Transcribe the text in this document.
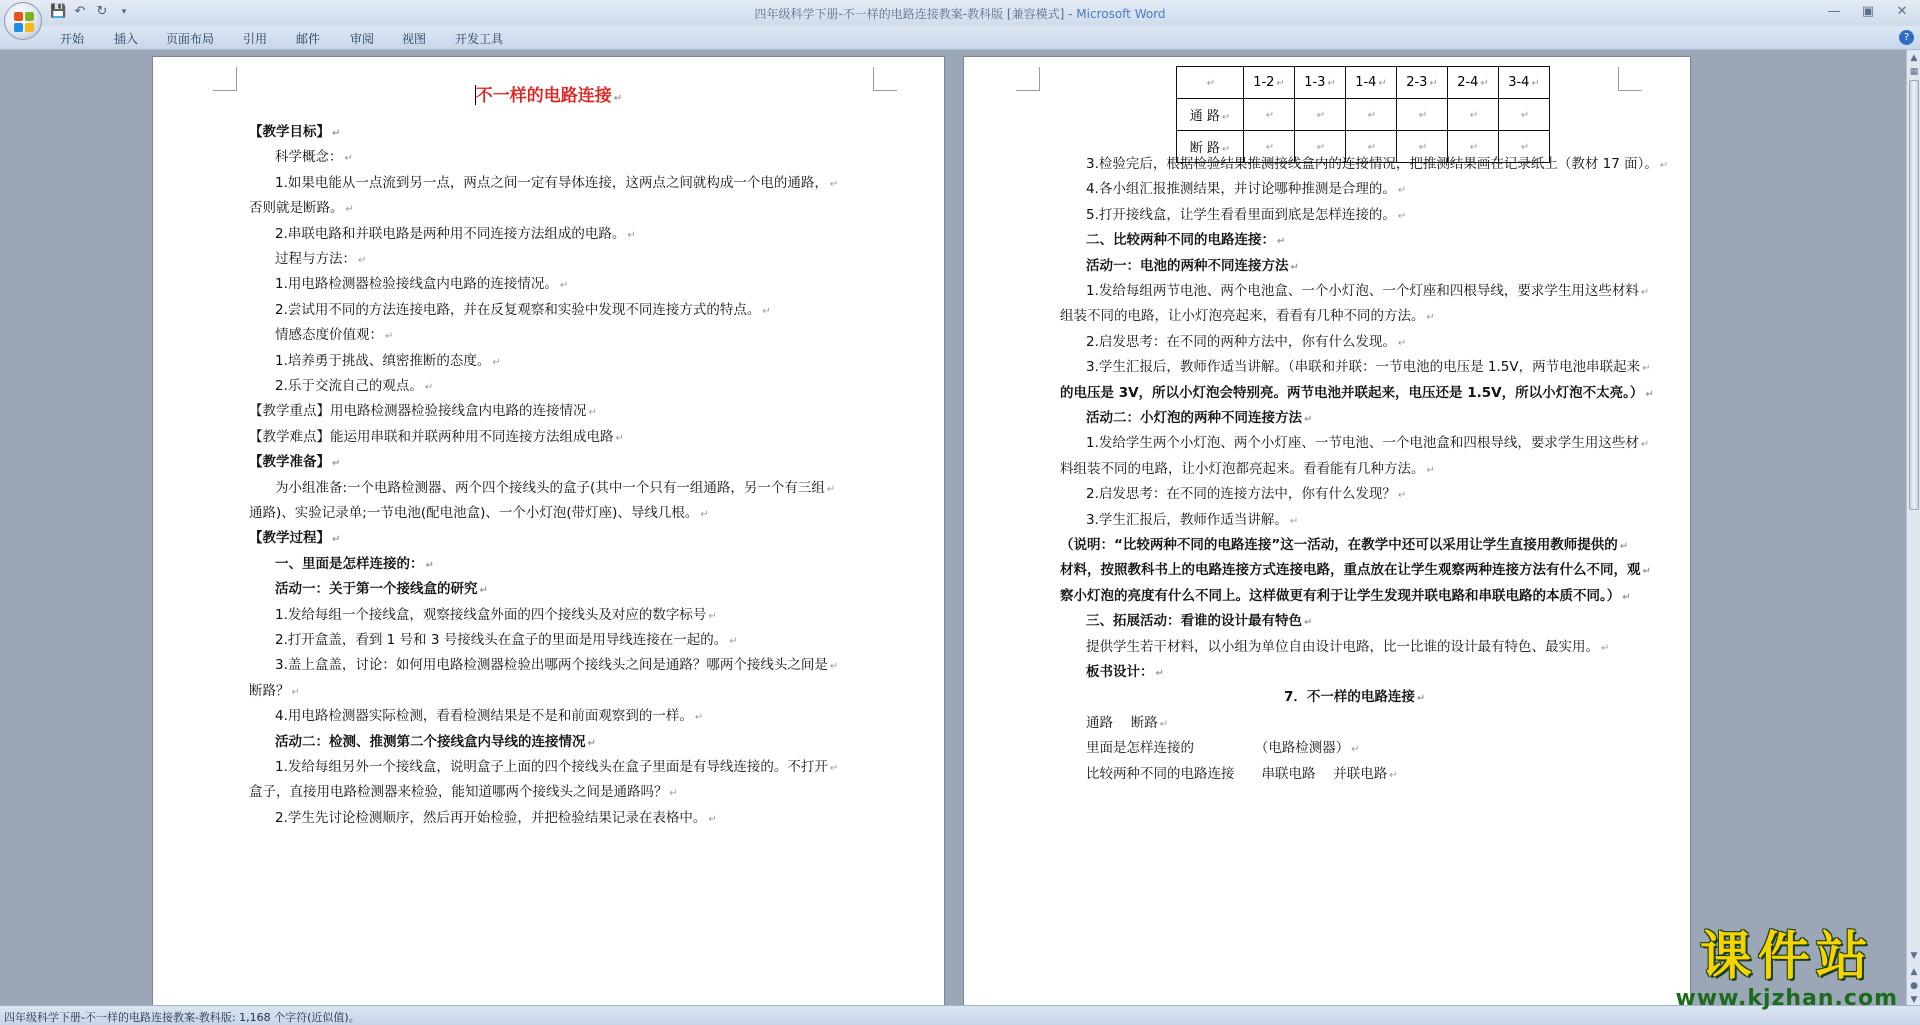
💾 ↶ ↻	▾	四年级科学下册-不一样的电路连接教案-教科版 [兼容模式] - Microsoft Word	—	▣	✕
开始 插入 页面布局 引用 邮件 审阅 视图 开发工具	?
不一样的电路连接 ↵
【教学目标】 ↵
科学概念： ↵
1.如果电能从一点流到另一点，两点之间一定有导体连接，这两点之间就构成一个电的通路， ↵
否则就是断路。 ↵
2.串联电路和并联电路是两种用不同连接方法组成的电路。 ↵
过程与方法： ↵
1.用电路检测器检验接线盒内电路的连接情况。 ↵
2.尝试用不同的方法连接电路，并在反复观察和实验中发现不同连接方式的特点。 ↵
情感态度价值观： ↵
1.培养勇于挑战、缜密推断的态度。 ↵
2.乐于交流自己的观点。 ↵
【教学重点】用电路检测器检验接线盒内电路的连接情况 ↵
【教学难点】能运用串联和并联两种用不同连接方法组成电路 ↵
【教学准备】 ↵
为小组准备:一个电路检测器、两个四个接线头的盒子(其中一个只有一组通路，另一个有三组 ↵
通路)、实验记录单;一节电池(配电池盒)、一个小灯泡(带灯座)、导线几根。 ↵
【教学过程】 ↵
一、里面是怎样连接的： ↵
活动一：关于第一个接线盒的研究 ↵
1.发给每组一个接线盒，观察接线盒外面的四个接线头及对应的数字标号 ↵
2.打开盒盖，看到 1 号和 3 号接线头在盒子的里面是用导线连接在一起的。 ↵
3.盖上盒盖，讨论：如何用电路检测器检验出哪两个接线头之间是通路？哪两个接线头之间是 ↵
断路？ ↵
4.用电路检测器实际检测，看看检测结果是不是和前面观察到的一样。 ↵
活动二：检测、推测第二个接线盒内导线的连接情况 ↵
1.发给每组另外一个接线盒，说明盒子上面的四个接线头在盒子里面是有导线连接的。不打开 ↵
盒子，直接用电路检测器来检验，能知道哪两个接线头之间是通路吗？ ↵
2.学生先讨论检测顺序，然后再开始检验，并把检验结果记录在表格中。 ↵
↵	1-2 ↵	1-3 ↵	1-4 ↵	2-3 ↵	2-4 ↵	3-4 ↵
通 路 ↵	↵	↵	↵	↵	↵	↵
断 路 ↵	↵	↵	↵	↵	↵	↵
3.检验完后，根据检验结果推测接线盒内的连接情况，把推测结果画在记录纸上（教材 17 面）。 ↵
4.各小组汇报推测结果，并讨论哪种推测是合理的。 ↵
5.打开接线盒，让学生看看里面到底是怎样连接的。 ↵
二、比较两种不同的电路连接： ↵
活动一：电池的两种不同连接方法 ↵
1.发给每组两节电池、两个电池盒、一个小灯泡、一个灯座和四根导线，要求学生用这些材料 ↵
组装不同的电路，让小灯泡亮起来，看看有几种不同的方法。 ↵
2.启发思考：在不同的两种方法中，你有什么发现。 ↵
3.学生汇报后，教师作适当讲解。（串联和并联：一节电池的电压是 1.5V，两节电池串联起来 ↵
的电压是 3V，所以小灯泡会特别亮。两节电池并联起来，电压还是 1.5V，所以小灯泡不太亮。） ↵
活动二：小灯泡的两种不同连接方法 ↵
1.发给学生两个小灯泡、两个小灯座、一节电池、一个电池盒和四根导线，要求学生用这些材 ↵
料组装不同的电路，让小灯泡都亮起来。看看能有几种方法。 ↵
2.启发思考：在不同的连接方法中，你有什么发现？ ↵
3.学生汇报后，教师作适当讲解。 ↵
（说明：“比较两种不同的电路连接”这一活动，在教学中还可以采用让学生直接用教师提供的 ↵
材料，按照教科书上的电路连接方式连接电路，重点放在让学生观察两种连接方法有什么不同，观 ↵
察小灯泡的亮度有什么不同上。这样做更有利于让学生发现并联电路和串联电路的本质不同。） ↵
三、拓展活动：看谁的设计最有特色 ↵
提供学生若干材料，以小组为单位自由设计电路，比一比谁的设计最有特色、最实用。 ↵
板书设计： ↵
7．不一样的电路连接 ↵
通路　 断路 ↵
里面是怎样连接的　　　　　（电路检测器） ↵
比较两种不同的电路连接　　串联电路　 并联电路 ↵
▲
▦
▼
▲
●
▼
四年级科学下册-不一样的电路连接教案-教科版: 1,168 个字符(近似值)。
课件站
www.kjzhan.com
